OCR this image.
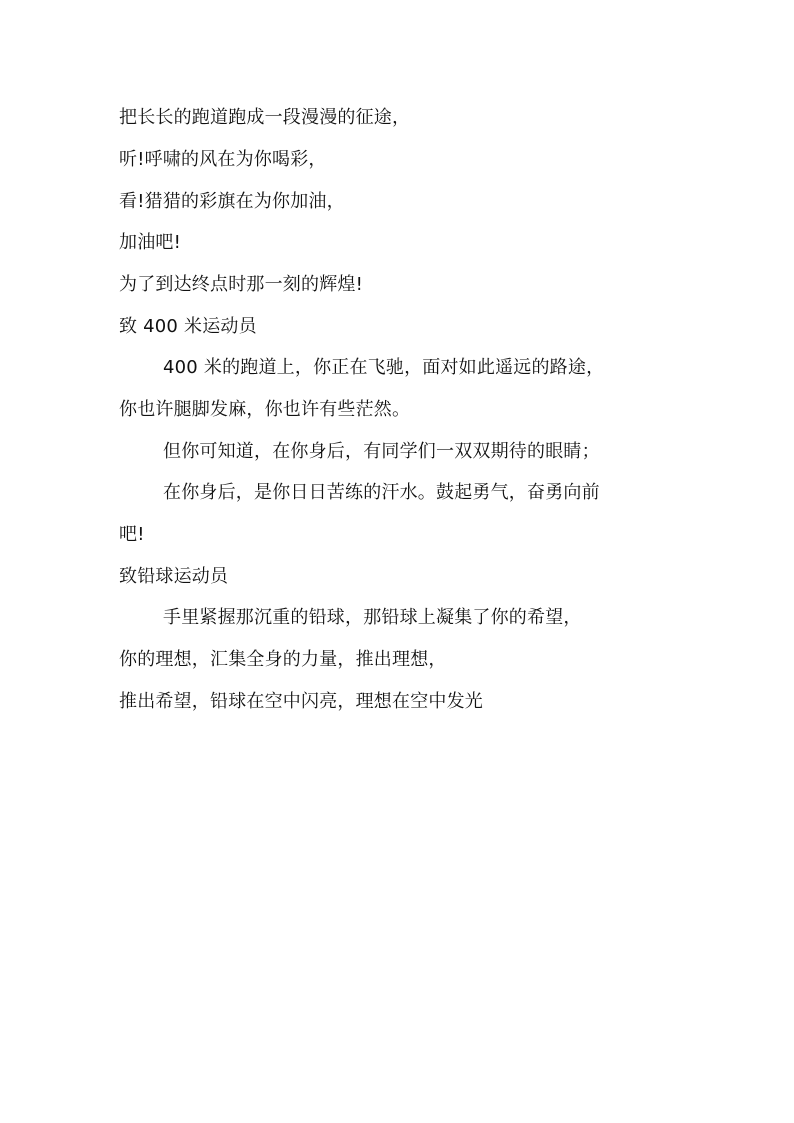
把长长的跑道跑成一段漫漫的征途，
听!呼啸的风在为你喝彩，
看!猎猎的彩旗在为你加油，
加油吧!
为了到达终点时那一刻的辉煌!
致 400 米运动员
400 米的跑道上，你正在飞驰，面对如此遥远的路途，
你也许腿脚发麻，你也许有些茫然。
但你可知道，在你身后，有同学们一双双期待的眼睛；
在你身后，是你日日苦练的汗水。鼓起勇气，奋勇向前
吧!
致铅球运动员
手里紧握那沉重的铅球，那铅球上凝集了你的希望，
你的理想，汇集全身的力量，推出理想，
推出希望，铅球在空中闪亮，理想在空中发光
